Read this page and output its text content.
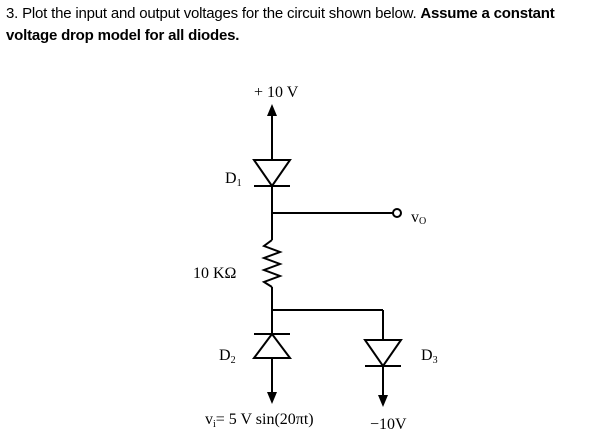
3. Plot the input and output voltages for the circuit shown below. Assume a constant voltage drop model for all diodes.
+ 10 V
D1
vO
10 KΩ
D2	D3
vi= 5 V sin(20πt)	−10V
